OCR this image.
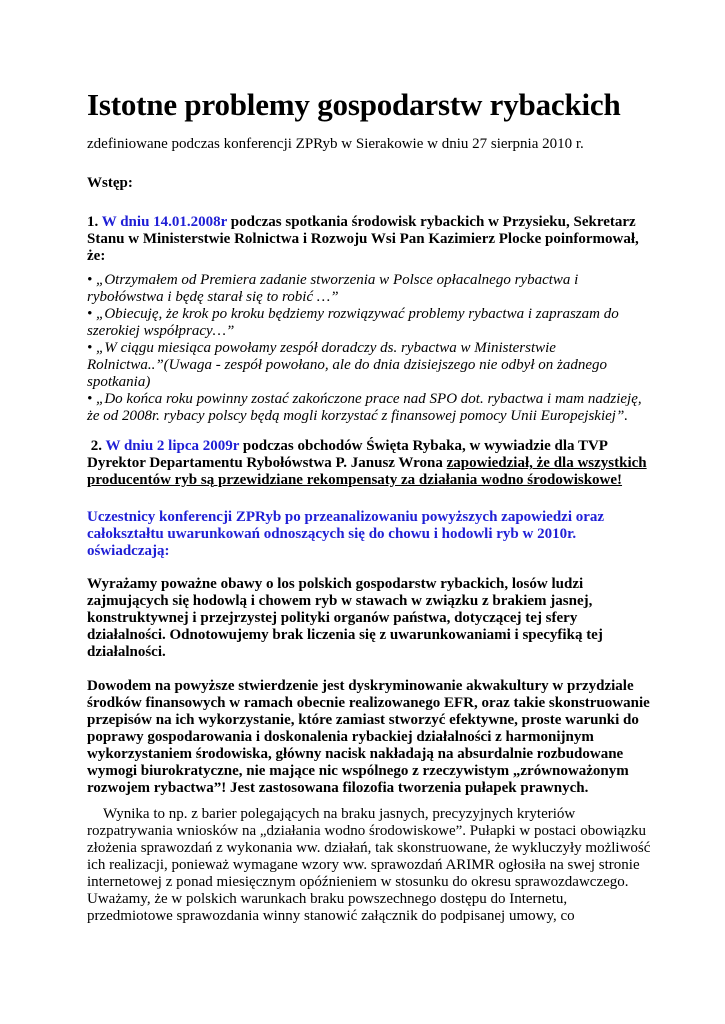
Istotne problemy gospodarstw rybackich

zdefiniowane podczas konferencji ZPRyb w Sierakowie w dniu 27 sierpnia 2010 r.

Wstęp:

1. W dniu 14.01.2008r podczas spotkania środowisk rybackich w Przysieku, Sekretarz
Stanu w Ministerstwie Rolnictwa i Rozwoju Wsi Pan Kazimierz Plocke poinformował,
że:

• „Otrzymałem od Premiera zadanie stworzenia w Polsce opłacalnego rybactwa i
rybołówstwa i będę starał się to robić …”
• „Obiecuję, że krok po kroku będziemy rozwiązywać problemy rybactwa i zapraszam do
szerokiej współpracy…”
• „W ciągu miesiąca powołamy zespół doradczy ds. rybactwa w Ministerstwie
Rolnictwa..”(Uwaga - zespół powołano, ale do dnia dzisiejszego nie odbył on żadnego
spotkania)
• „Do końca roku powinny zostać zakończone prace nad SPO dot. rybactwa i mam nadzieję,
że od 2008r. rybacy polscy będą mogli korzystać z finansowej pomocy Unii Europejskiej”.

2. W dniu 2 lipca 2009r podczas obchodów Święta Rybaka, w wywiadzie dla TVP
Dyrektor Departamentu Rybołówstwa P. Janusz Wrona zapowiedział, że dla wszystkich
producentów ryb są przewidziane rekompensaty za działania wodno środowiskowe!

Uczestnicy konferencji ZPRyb po przeanalizowaniu powyższych zapowiedzi oraz
całokształtu uwarunkowań odnoszących się do chowu i hodowli ryb w 2010r.
oświadczają:

Wyrażamy poważne obawy o los polskich gospodarstw rybackich, losów ludzi
zajmujących się hodowlą i chowem ryb w stawach w związku z brakiem jasnej,
konstruktywnej i przejrzystej polityki organów państwa, dotyczącej tej sfery
działalności. Odnotowujemy brak liczenia się z uwarunkowaniami i specyfiką tej
działalności.

Dowodem na powyższe stwierdzenie jest dyskryminowanie akwakultury w przydziale
środków finansowych w ramach obecnie realizowanego EFR, oraz takie skonstruowanie
przepisów na ich wykorzystanie, które zamiast stworzyć efektywne, proste warunki do
poprawy gospodarowania i doskonalenia rybackiej działalności z harmonijnym
wykorzystaniem środowiska, główny nacisk nakładają na absurdalnie rozbudowane
wymogi biurokratyczne, nie mające nic wspólnego z rzeczywistym „zrównoważonym
rozwojem rybactwa”! Jest zastosowana filozofia tworzenia pułapek prawnych.

Wynika to np. z barier polegających na braku jasnych, precyzyjnych kryteriów
rozpatrywania wniosków na „działania wodno środowiskowe”. Pułapki w postaci obowiązku
złożenia sprawozdań z wykonania ww. działań, tak skonstruowane, że wykluczyły możliwość
ich realizacji, ponieważ wymagane wzory ww. sprawozdań ARIMR ogłosiła na swej stronie
internetowej z ponad miesięcznym opóźnieniem w stosunku do okresu sprawozdawczego.
Uważamy, że w polskich warunkach braku powszechnego dostępu do Internetu,
przedmiotowe sprawozdania winny stanowić załącznik do podpisanej umowy, co
